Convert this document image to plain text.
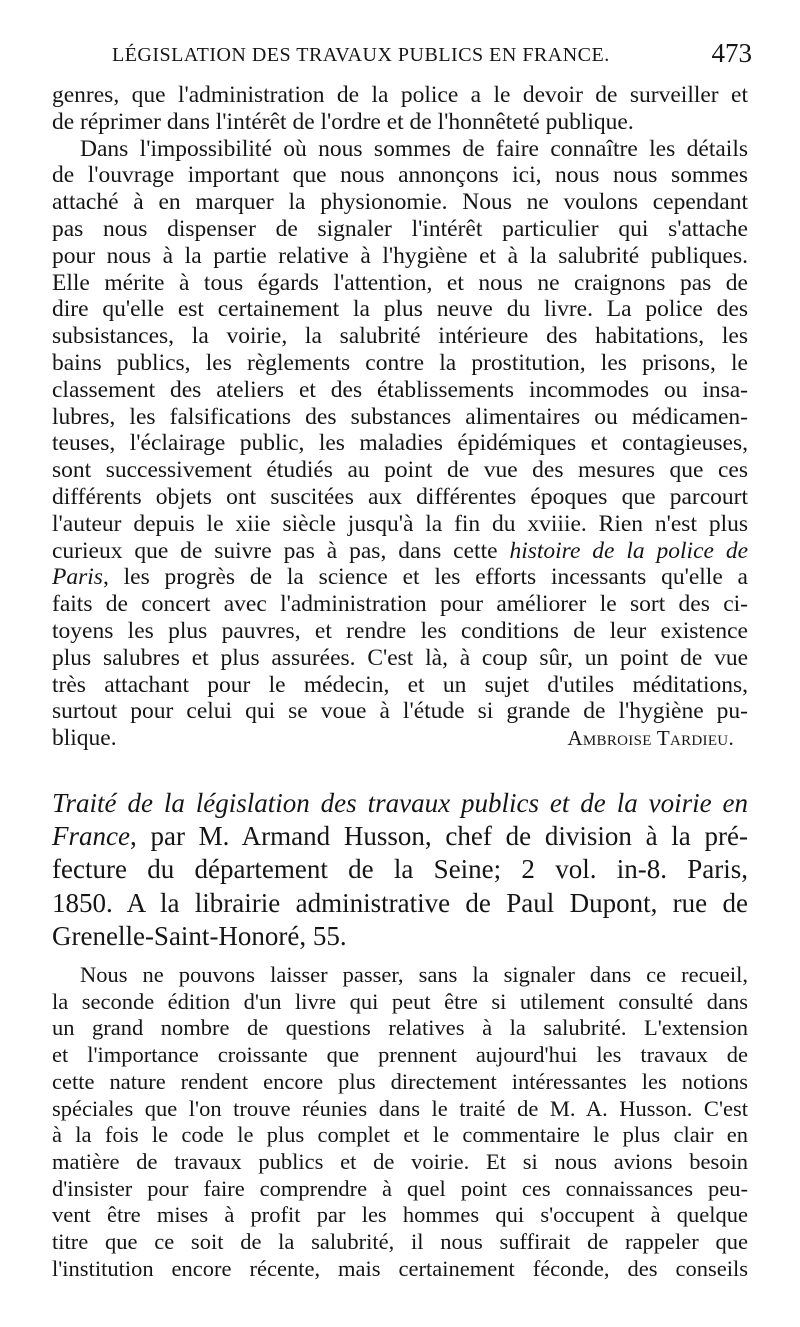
LÉGISLATION DES TRAVAUX PUBLICS EN FRANCE.	473

genres, que l'administration de la police a le devoir de surveiller et
de réprimer dans l'intérêt de l'ordre et de l'honnêteté publique.

Dans l'impossibilité où nous sommes de faire connaître les détails
de l'ouvrage important que nous annonçons ici, nous nous sommes
attaché à en marquer la physionomie. Nous ne voulons cependant
pas nous dispenser de signaler l'intérêt particulier qui s'attache
pour nous à la partie relative à l'hygiène et à la salubrité publiques.
Elle mérite à tous égards l'attention, et nous ne craignons pas de
dire qu'elle est certainement la plus neuve du livre. La police des
subsistances, la voirie, la salubrité intérieure des habitations, les
bains publics, les règlements contre la prostitution, les prisons, le
classement des ateliers et des établissements incommodes ou insa-
lubres, les falsifications des substances alimentaires ou médicamen-
teuses, l'éclairage public, les maladies épidémiques et contagieuses,
sont successivement étudiés au point de vue des mesures que ces
différents objets ont suscitées aux différentes époques que parcourt
l'auteur depuis le xiie siècle jusqu'à la fin du xviiie. Rien n'est plus
curieux que de suivre pas à pas, dans cette histoire de la police de
Paris, les progrès de la science et les efforts incessants qu'elle a
faits de concert avec l'administration pour améliorer le sort des ci-
toyens les plus pauvres, et rendre les conditions de leur existence
plus salubres et plus assurées. C'est là, à coup sûr, un point de vue
très attachant pour le médecin, et un sujet d'utiles méditations,
surtout pour celui qui se voue à l'étude si grande de l'hygiène pu-
blique.	Ambroise Tardieu.

Traité de la législation des travaux publics et de la voirie en
France, par M. Armand Husson, chef de division à la pré-
fecture du département de la Seine; 2 vol. in-8. Paris,
1850. A la librairie administrative de Paul Dupont, rue de
Grenelle-Saint-Honoré, 55.

Nous ne pouvons laisser passer, sans la signaler dans ce recueil,
la seconde édition d'un livre qui peut être si utilement consulté dans
un grand nombre de questions relatives à la salubrité. L'extension
et l'importance croissante que prennent aujourd'hui les travaux de
cette nature rendent encore plus directement intéressantes les notions
spéciales que l'on trouve réunies dans le traité de M. A. Husson. C'est
à la fois le code le plus complet et le commentaire le plus clair en
matière de travaux publics et de voirie. Et si nous avions besoin
d'insister pour faire comprendre à quel point ces connaissances peu-
vent être mises à profit par les hommes qui s'occupent à quelque
titre que ce soit de la salubrité, il nous suffirait de rappeler que
l'institution encore récente, mais certainement féconde, des conseils
